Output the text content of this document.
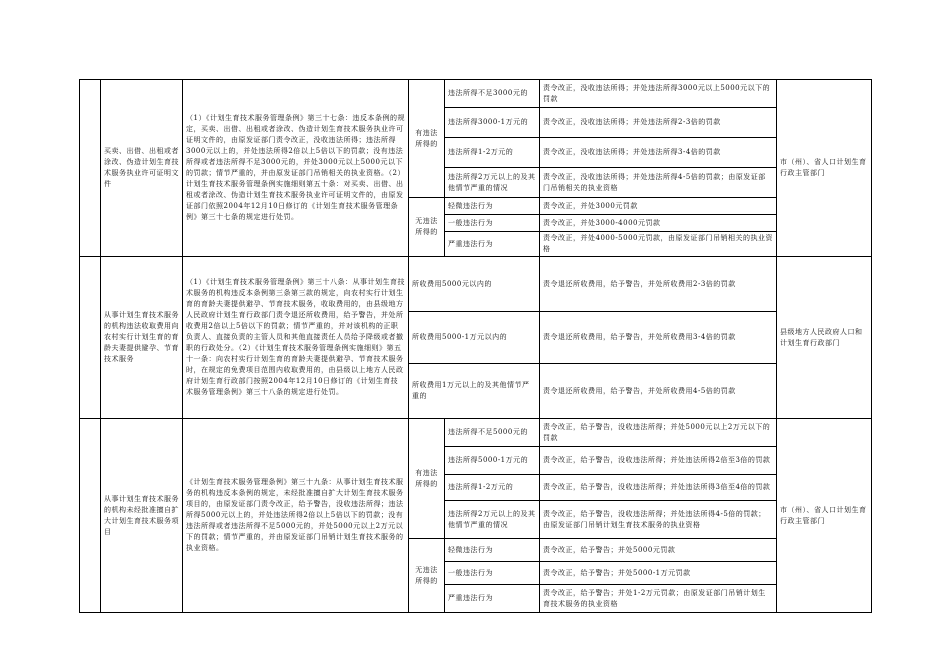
	买卖、出借、出租或者涂改、伪造计划生育技术服务执业许可证明文件	（1）《计划生育技术服务管理条例》第三十七条：违反本条例的规定，买卖、出借、出租或者涂改、伪造计划生育技术服务执业许可证明文件的，由原发证部门责令改正，没收违法所得；违法所得3000元以上的，并处违法所得2倍以上5倍以下的罚款；没有违法所得或者违法所得不足3000元的，并处3000元以上5000元以下的罚款；情节严重的，并由原发证部门吊销相关的执业资格。（2）计划生育技术服务管理条例实施细则第五十条：对买卖、出借、出租或者涂改、伪造计划生育技术服务执业许可证明文件的，由原发证部门依照2004年12月10日修订的《计划生育技术服务管理条例》第三十七条的规定进行处罚。	有违法所得的	违法所得不足3000元的	责令改正，没收违法所得；并处违法所得3000元以上5000元以下的罚款	市（州）、省人口计划生育行政主管部门
				违法所得3000-1万元的	责令改正，没收违法所得；并处违法所得2-3倍的罚款	
				违法所得1-2万元的	责令改正，没收违法所得；并处违法所得3-4倍的罚款	
				违法所得2万元以上的及其他情节严重的情况	责令改正，没收违法所得；并处违法所得4-5倍的罚款；由原发证部门吊销相关的执业资格	
			无违法所得的	轻微违法行为	责令改正，并处3000元罚款	
				一般违法行为	责令改正，并处3000-4000元罚款	
				严重违法行为	责令改正，并处4000-5000元罚款，由原发证部门吊销相关的执业资格	
	从事计划生育技术服务的机构违法收取费用向农村实行计划生育的育龄夫妻提供避孕、节育技术服务	（1）《计划生育技术服务管理条例》第三十八条：从事计划生育技术服务的机构违反本条例第三条第三款的规定，向农村实行计划生育的育龄夫妻提供避孕、节育技术服务，收取费用的，由县级地方人民政府计划生育行政部门责令退还所收费用，给予警告，并处所收费用2倍以上5倍以下的罚款；情节严重的，并对该机构的正职负责人、直接负责的主管人员和其他直接责任人员给予降级或者撤职的行政处分。（2）《计划生育技术服务管理条例实施细则》第五十一条：向农村实行计划生育的育龄夫妻提供避孕、节育技术服务时，在规定的免费项目范围内收取费用的，由县级以上地方人民政府计划生育行政部门按照2004年12月10日修订的《计划生育技术服务管理条例》第三十八条的规定进行处罚。	所收费用5000元以内的		责令退还所收费用，给予警告，并处所收费用2-3倍的罚款	县级地方人民政府人口和计划生育行政部门
			所收费用5000-1万元以内的		责令退还所收费用，给予警告，并处所收费用3-4倍的罚款	
			所收费用1万元以上的及其他情节严重的		责令退还所收费用，给予警告，并处所收费用4-5倍的罚款	
	从事计划生育技术服务的机构未经批准擅自扩大计划生育技术服务项目	《计划生育技术服务管理条例》第三十九条：从事计划生育技术服务的机构违反本条例的规定，未经批准擅自扩大计划生育技术服务项目的，由原发证部门责令改正，给予警告，没收违法所得；违法所得5000元以上的，并处违法所得2倍以上5倍以下的罚款；没有违法所得或者违法所得不足5000元的，并处5000元以上2万元以下的罚款；情节严重的，并由原发证部门吊销计划生育技术服务的执业资格。	有违法所得的	违法所得不足5000元的	责令改正，给予警告，没收违法所得；并处5000元以上2万元以下的罚款	市（州）、省人口计划生育行政主管部门
				违法所得5000-1万元的	责令改正，给予警告，没收违法所得；并处违法所得2倍至3倍的罚款	
				违法所得1-2万元的	责令改正，给予警告，没收违法所得；并处违法所得3倍至4倍的罚款	
				违法所得2万元以上的及其他情节严重的情况	责令改正，给予警告，没收违法所得；并处违法所得4-5倍的罚款；由原发证部门吊销计划生育技术服务的执业资格	
			无违法所得的	轻微违法行为	责令改正，给予警告；并处5000元罚款	
				一般违法行为	责令改正，给予警告；并处5000-1万元罚款	
				严重违法行为	责令改正，给予警告；并处1-2万元罚款；由原发证部门吊销计划生育技术服务的执业资格	
